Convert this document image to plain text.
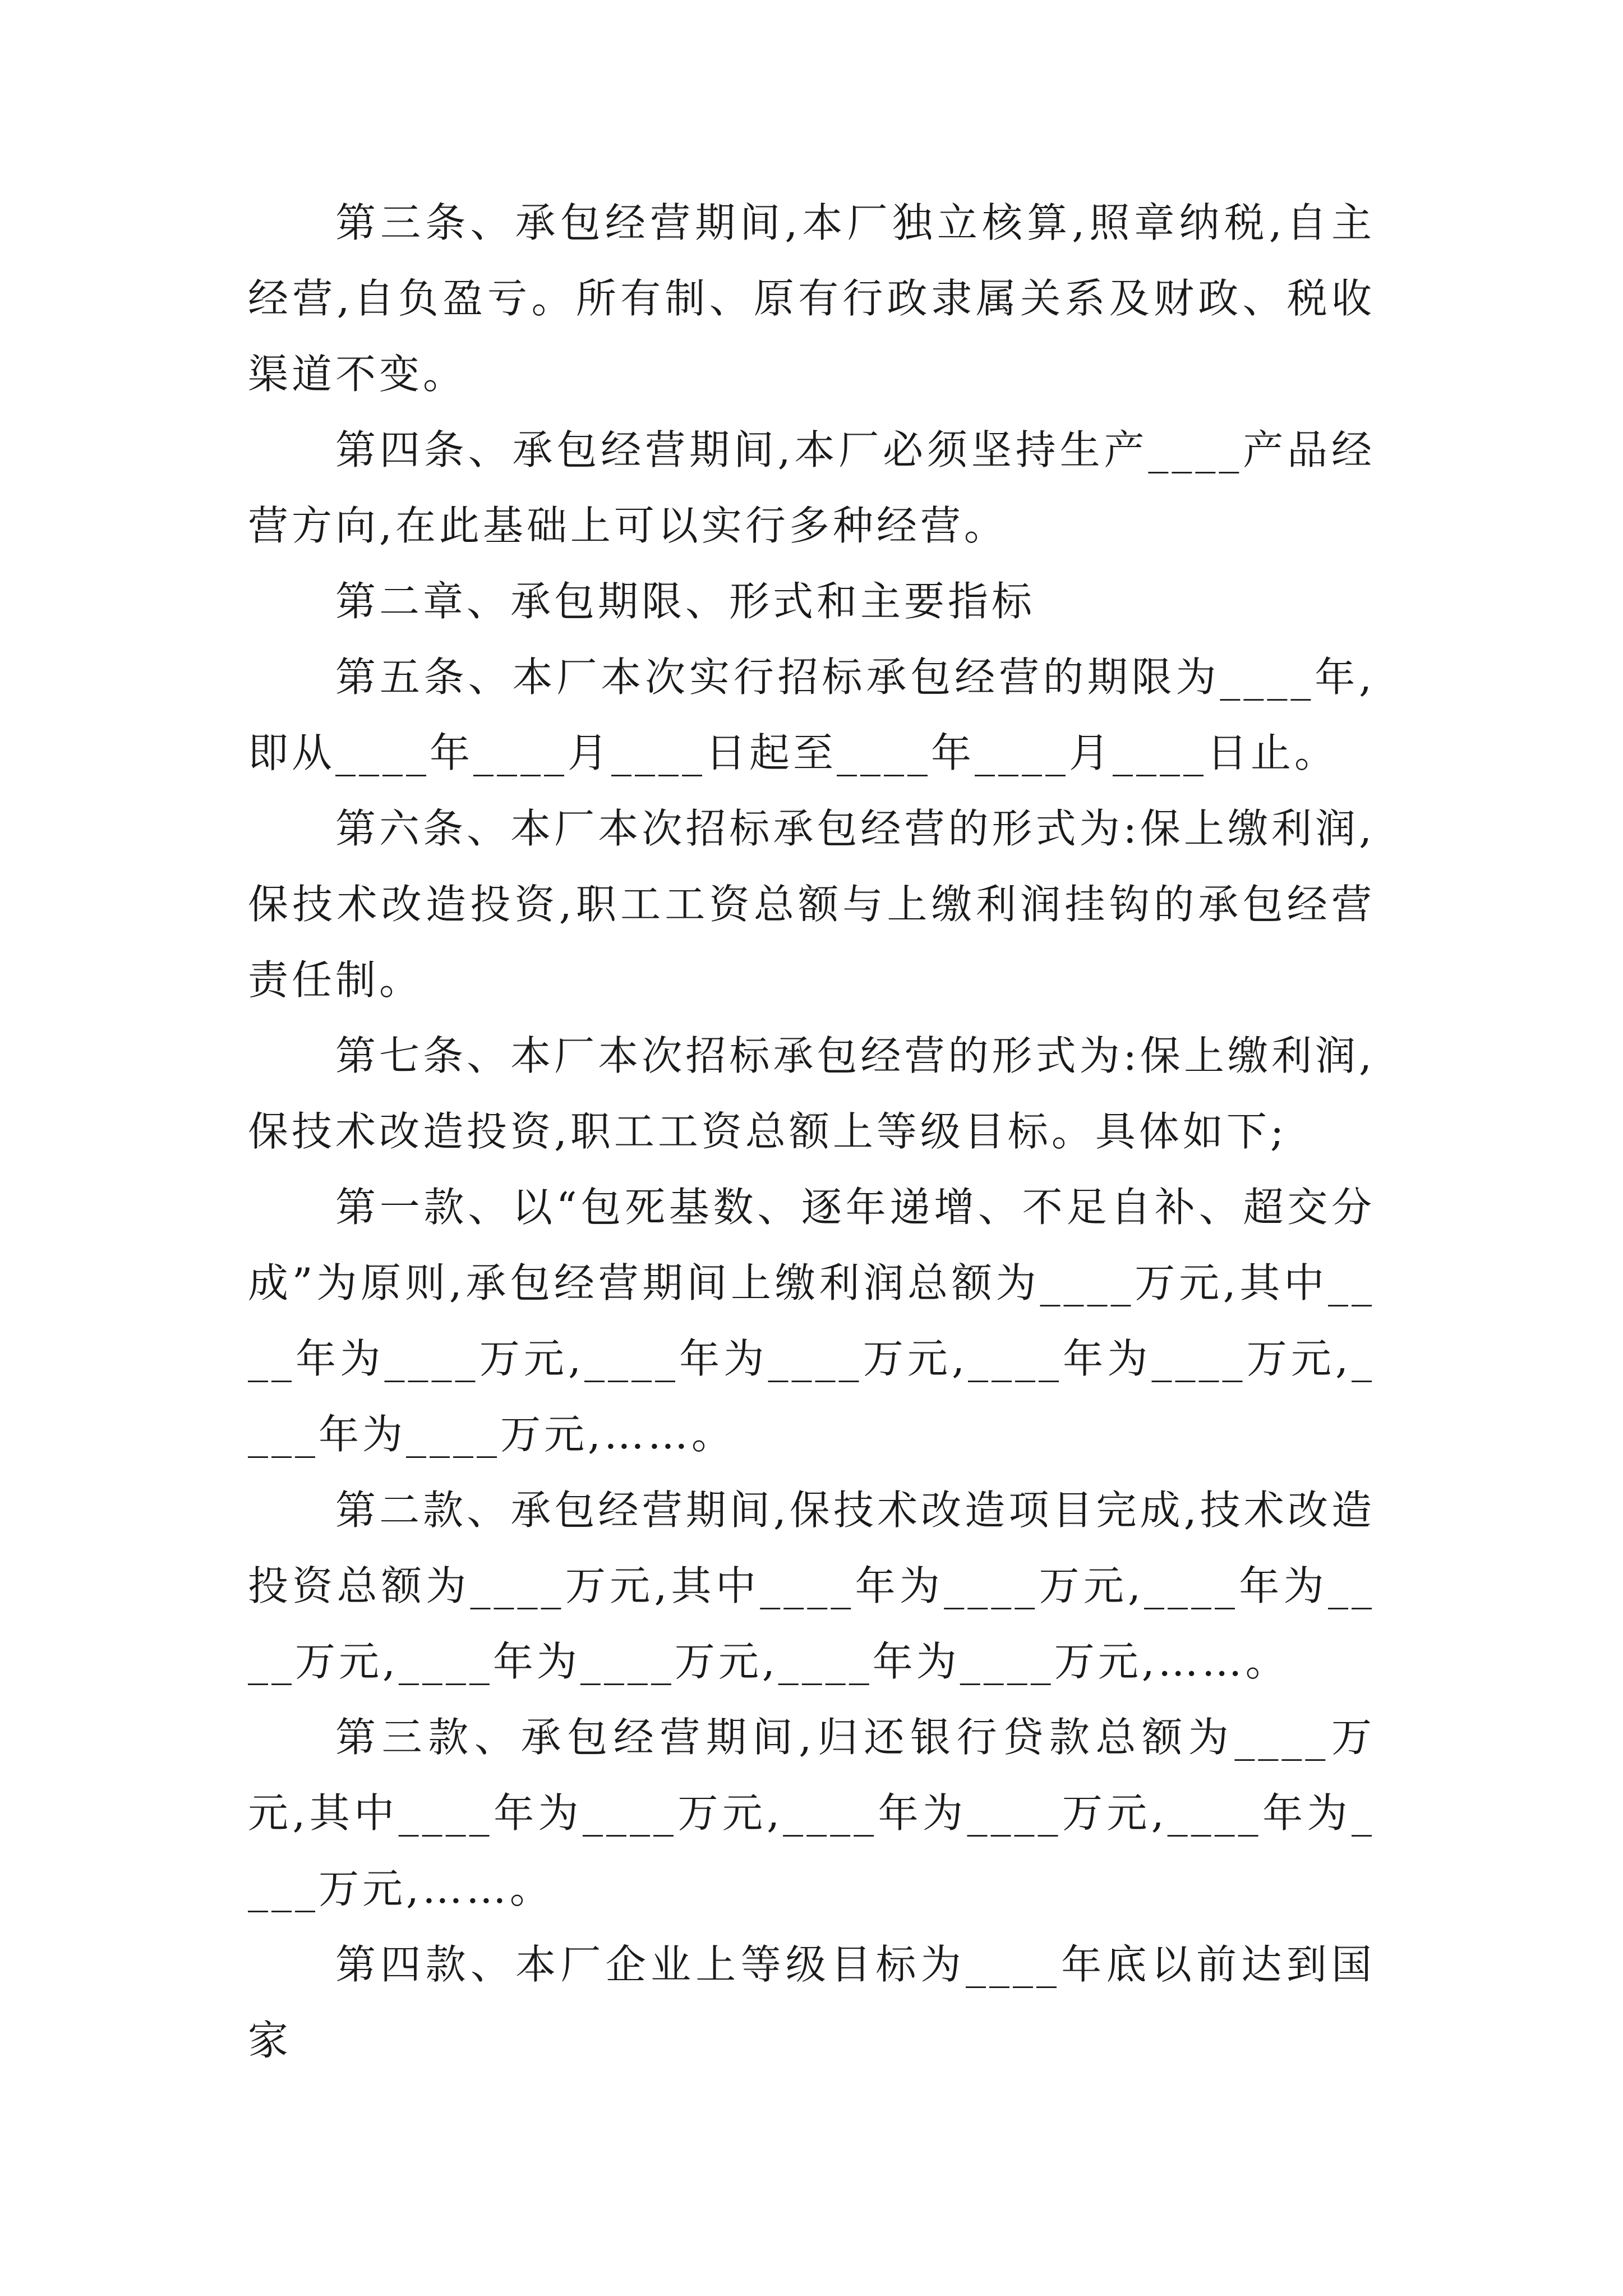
第三条、承包经营期间,本厂独立核算,照章纳税,自主经营,自负盈亏。所有制、原有行政隶属关系及财政、税收渠道不变。

第四条、承包经营期间,本厂必须坚持生产____产品经营方向,在此基础上可以实行多种经营。

第二章、承包期限、形式和主要指标

第五条、本厂本次实行招标承包经营的期限为____年,即从____年____月____日起至____年____月____日止。

第六条、本厂本次招标承包经营的形式为:保上缴利润,保技术改造投资,职工工资总额与上缴利润挂钩的承包经营责任制。

第七条、本厂本次招标承包经营的形式为:保上缴利润,保技术改造投资,职工工资总额上等级目标。具体如下;

第一款、以“包死基数、逐年递增、不足自补、超交分成”为原则,承包经营期间上缴利润总额为____万元,其中____年为____万元,____年为____万元,____年为____万元,____年为____万元,……。

第二款、承包经营期间,保技术改造项目完成,技术改造投资总额为____万元,其中____年为____万元,____年为____万元,____年为____万元,____年为____万元,……。

第三款、承包经营期间,归还银行贷款总额为____万元,其中____年为____万元,____年为____万元,____年为____万元,……。

第四款、本厂企业上等级目标为____年底以前达到国家
